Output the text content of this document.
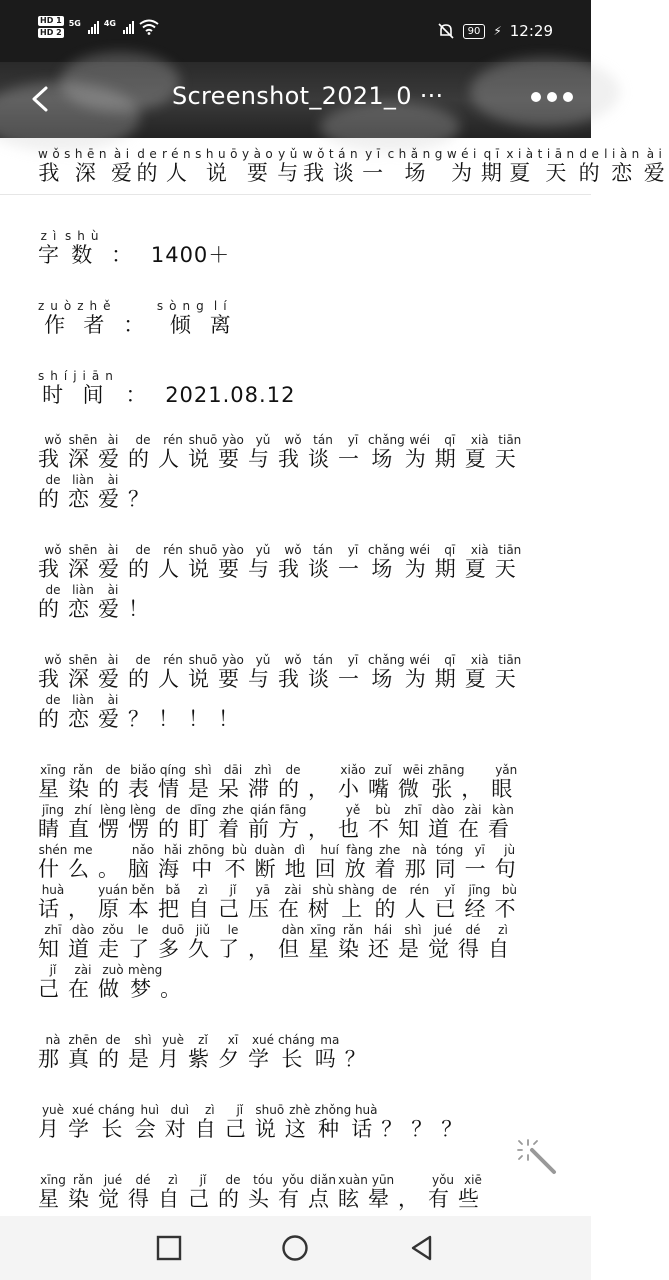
HD 1
HD 2
5G	4G
90	⚡ 12:29
Screenshot_2021_0 ···
我wǒ深shēn爱ài的de人rén说shuō要yào与yǔ我wǒ谈tán一yī场chǎng为wéi期qī夏xià天tiān的de恋liàn爱ài
字zì数shù ： 1400＋
作zuò者zhě ： 倾sòng离lí
时shí间jiān ： 2021.08.12
我wǒ深shēn爱ài的de人rén说shuō要yào与yǔ我wǒ谈tán一yī场chǎng为wéi期qī夏xià天tiān的de恋liàn爱ài？
我wǒ深shēn爱ài的de人rén说shuō要yào与yǔ我wǒ谈tán一yī场chǎng为wéi期qī夏xià天tiān的de恋liàn爱ài！
我wǒ深shēn爱ài的de人rén说shuō要yào与yǔ我wǒ谈tán一yī场chǎng为wéi期qī夏xià天tiān的de恋liàn爱ài？！！！
星xīng染rǎn的de表biǎo情qíng是shì呆dāi滞zhì的de，小xiǎo嘴zuǐ微wēi张zhāng，眼yǎn睛jīng直zhí愣lèng愣lèng的de盯dīng着zhe前qián方fāng，也yě不bù知zhī道dào在zài看kàn什shén么me。脑nǎo海hǎi中zhōng不bù断duàn地dì回huí放fàng着zhe那nà同tóng一yī句jù话huà，原yuán本běn把bǎ自zì己jǐ压yā在zài树shù上shàng的de人rén已yǐ经jīng不bù知zhī道dào走zǒu了le多duō久jiǔ了le，但dàn星xīng染rǎn还hái是shì觉jué得dé自zì己jǐ在zài做zuò梦mèng。
那nà真zhēn的de是shì月yuè紫zǐ夕xī学xué长cháng吗ma？
月yuè学xué长cháng会huì对duì自zì己jǐ说shuō这zhè种zhǒng话huà？？？
星xīng染rǎn觉jué得dé自zì己jǐ的de头tóu有yǒu点diǎn眩xuàn晕yūn，有yǒu些xiē
